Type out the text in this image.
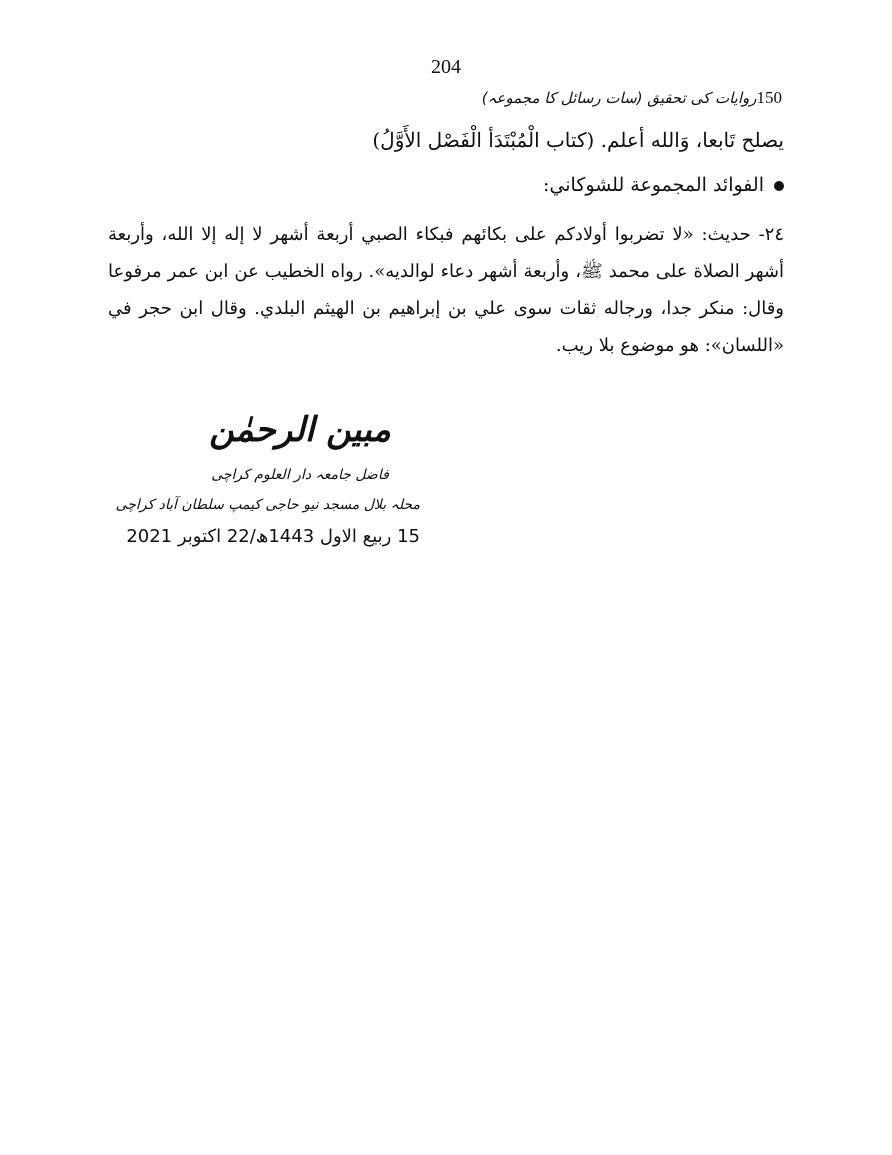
204
150روایات کی تحقیق (سات رسائل کا مجموعہ)
يصلح تَابعا، وَالله أعلم. (كتاب الْمُبْتَدَأ الْفَصْل الأَوَّلُ)
الفوائد المجموعة للشوكاني:
٢٤- حديث: «لا تضربوا أولادكم على بكائهم فبكاء الصبي أربعة أشهر لا إله إلا الله، وأربعة أشهر الصلاة على محمد ﷺ، وأربعة أشهر دعاء لوالديه». رواه الخطيب عن ابن عمر مرفوعا وقال: منكر جدا، ورجاله ثقات سوى علي بن إبراهيم بن الهيثم البلدي. وقال ابن حجر في «اللسان»: هو موضوع بلا ريب.
مبین الرحمٰن
فاضل جامعہ دار العلوم کراچی
محلہ بلال مسجد نیو حاجی کیمپ سلطان آباد کراچی
15 ربیع الاول 1443ھ/22 اکتوبر 2021
